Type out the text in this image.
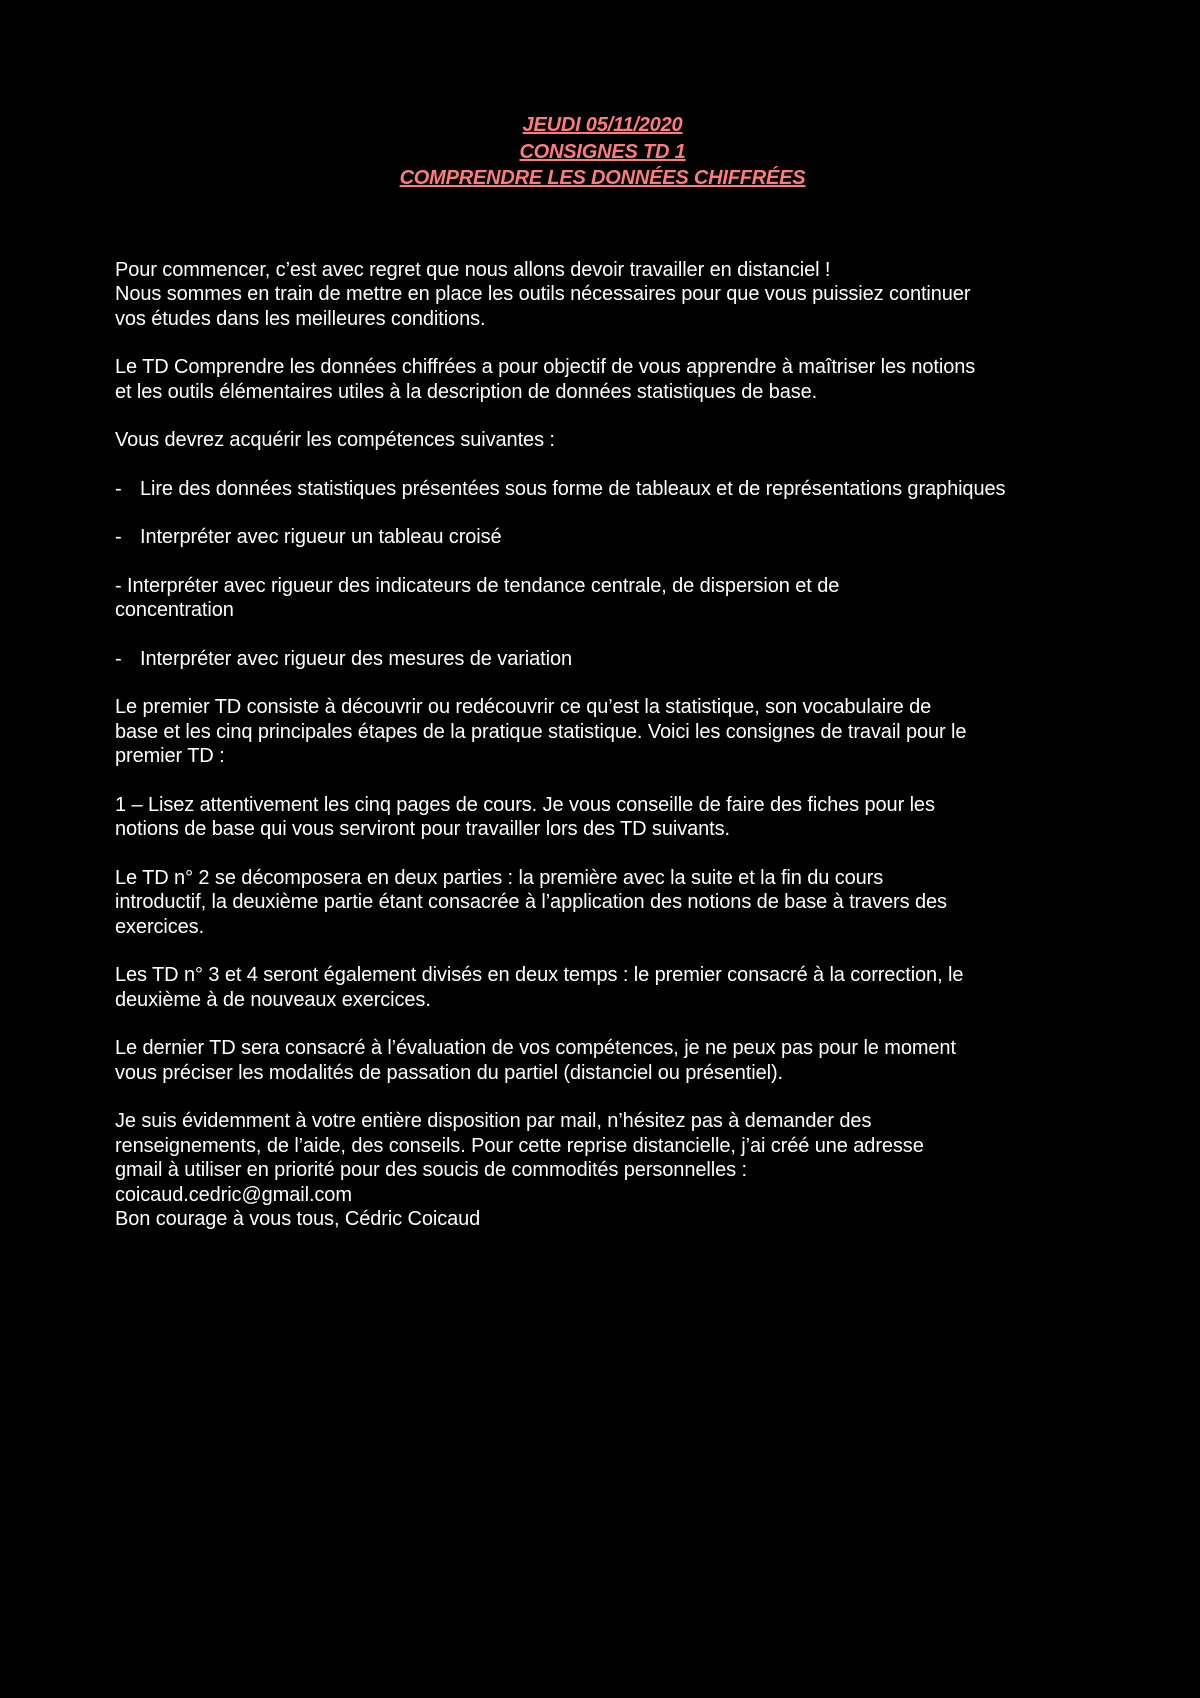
JEUDI 05/11/2020
CONSIGNES TD 1
COMPRENDRE LES DONNÉES CHIFFRÉES

Pour commencer, c’est avec regret que nous allons devoir travailler en distanciel !

Nous sommes en train de mettre en place les outils nécessaires pour que vous puissiez continuer
vos études dans les meilleures conditions.

Le TD Comprendre les données chiffrées a pour objectif de vous apprendre à maîtriser les notions
et les outils élémentaires utiles à la description de données statistiques de base.

Vous devrez acquérir les compétences suivantes :

- Lire des données statistiques présentées sous forme de tableaux et de représentations graphiques
- Interpréter avec rigueur un tableau croisé

- Interpréter avec rigueur des indicateurs de tendance centrale, de dispersion et de
concentration

- Interpréter avec rigueur des mesures de variation

Le premier TD consiste à découvrir ou redécouvrir ce qu’est la statistique, son vocabulaire de
base et les cinq principales étapes de la pratique statistique. Voici les consignes de travail pour le
premier TD :

1 – Lisez attentivement les cinq pages de cours. Je vous conseille de faire des fiches pour les
notions de base qui vous serviront pour travailler lors des TD suivants.

Le TD n° 2 se décomposera en deux parties : la première avec la suite et la fin du cours
introductif, la deuxième partie étant consacrée à l’application des notions de base à travers des
exercices.

Les TD n° 3 et 4 seront également divisés en deux temps : le premier consacré à la correction, le
deuxième à de nouveaux exercices.

Le dernier TD sera consacré à l’évaluation de vos compétences, je ne peux pas pour le moment
vous préciser les modalités de passation du partiel (distanciel ou présentiel).

Je suis évidemment à votre entière disposition par mail, n’hésitez pas à demander des
renseignements, de l’aide, des conseils. Pour cette reprise distancielle, j’ai créé une adresse
gmail à utiliser en priorité pour des soucis de commodités personnelles :

coicaud.cedric@gmail.com

Bon courage à vous tous, Cédric Coicaud
